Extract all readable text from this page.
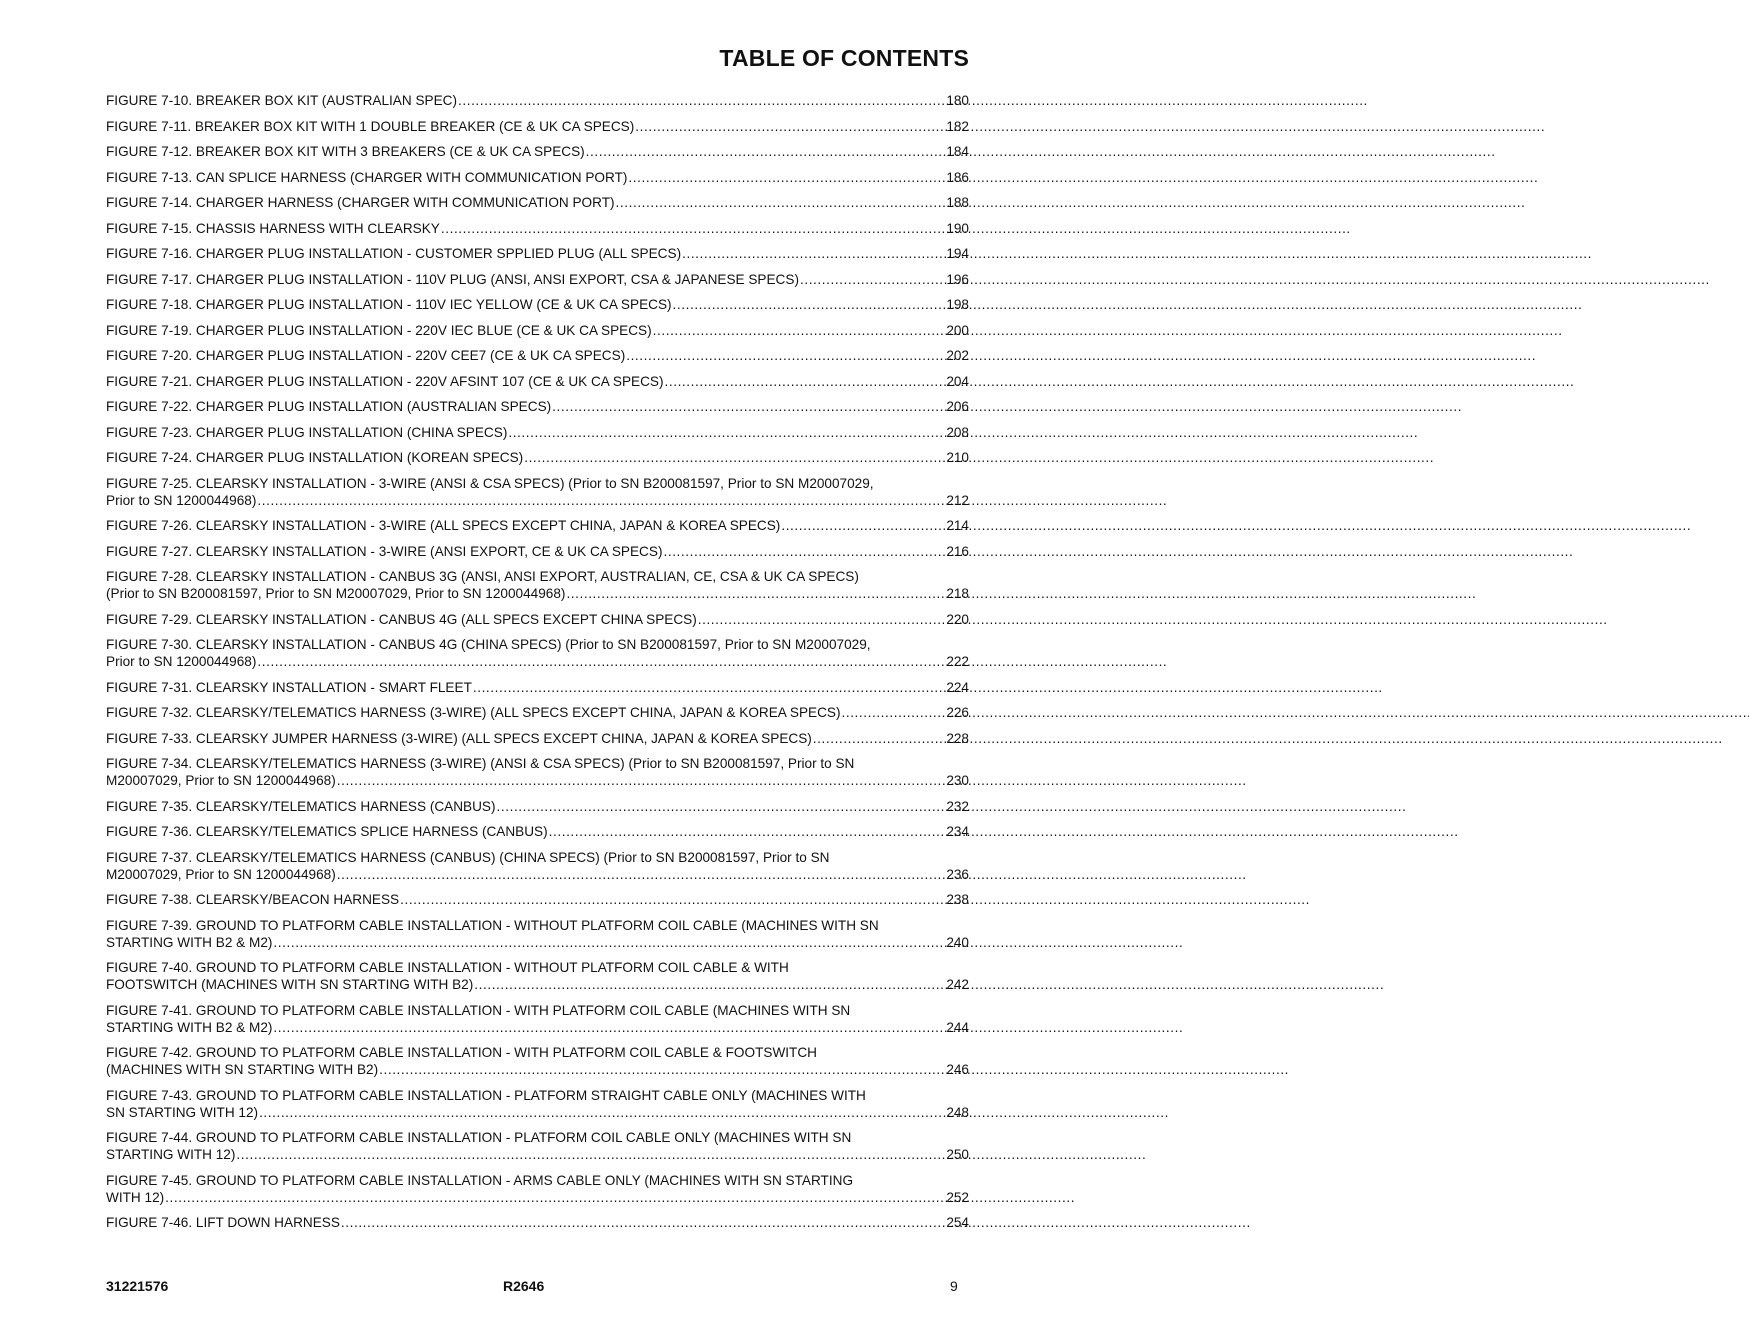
TABLE OF CONTENTS
FIGURE 7-10. BREAKER BOX KIT (AUSTRALIAN SPEC) . . .	180
FIGURE 7-11. BREAKER BOX KIT WITH 1 DOUBLE BREAKER (CE & UK CA SPECS) . . .	182
FIGURE 7-12. BREAKER BOX KIT WITH 3 BREAKERS (CE & UK CA SPECS) . . .	184
FIGURE 7-13. CAN SPLICE HARNESS (CHARGER WITH COMMUNICATION PORT) . . .	186
FIGURE 7-14. CHARGER HARNESS (CHARGER WITH COMMUNICATION PORT) . . .	188
FIGURE 7-15. CHASSIS HARNESS WITH CLEARSKY . . .	190
FIGURE 7-16. CHARGER PLUG INSTALLATION - CUSTOMER SPPLIED PLUG (ALL SPECS) . . .	194
FIGURE 7-17. CHARGER PLUG INSTALLATION - 110V PLUG (ANSI, ANSI EXPORT, CSA & JAPANESE SPECS) . . .	196
FIGURE 7-18. CHARGER PLUG INSTALLATION - 110V IEC YELLOW (CE & UK CA SPECS) . . .	198
FIGURE 7-19. CHARGER PLUG INSTALLATION - 220V IEC BLUE (CE & UK CA SPECS) . . .	200
FIGURE 7-20. CHARGER PLUG INSTALLATION - 220V CEE7 (CE & UK CA SPECS) . . .	202
FIGURE 7-21. CHARGER PLUG INSTALLATION - 220V AFSINT 107 (CE & UK CA SPECS) . . .	204
FIGURE 7-22. CHARGER PLUG INSTALLATION (AUSTRALIAN SPECS) . . .	206
FIGURE 7-23. CHARGER PLUG INSTALLATION (CHINA SPECS) . . .	208
FIGURE 7-24. CHARGER PLUG INSTALLATION (KOREAN SPECS) . . .	210
FIGURE 7-25. CLEARSKY INSTALLATION - 3-WIRE (ANSI & CSA SPECS) (Prior to SN B200081597, Prior to SN M20007029,
Prior to SN 1200044968) . . .	212
FIGURE 7-26. CLEARSKY INSTALLATION - 3-WIRE (ALL SPECS EXCEPT CHINA, JAPAN & KOREA SPECS) . . .	214
FIGURE 7-27. CLEARSKY INSTALLATION - 3-WIRE (ANSI EXPORT, CE & UK CA SPECS) . . .	216
FIGURE 7-28. CLEARSKY INSTALLATION - CANBUS 3G (ANSI, ANSI EXPORT, AUSTRALIAN, CE, CSA & UK CA SPECS)
(Prior to SN B200081597, Prior to SN M20007029, Prior to SN 1200044968) . . .	218
FIGURE 7-29. CLEARSKY INSTALLATION - CANBUS 4G (ALL SPECS EXCEPT CHINA SPECS) . . .	220
FIGURE 7-30. CLEARSKY INSTALLATION - CANBUS 4G (CHINA SPECS) (Prior to SN B200081597, Prior to SN M20007029,
Prior to SN 1200044968) . . .	222
FIGURE 7-31. CLEARSKY INSTALLATION - SMART FLEET . . .	224
FIGURE 7-32. CLEARSKY/TELEMATICS HARNESS (3-WIRE) (ALL SPECS EXCEPT CHINA, JAPAN & KOREA SPECS) . . .	226
FIGURE 7-33. CLEARSKY JUMPER HARNESS (3-WIRE) (ALL SPECS EXCEPT CHINA, JAPAN & KOREA SPECS) . . .	228
FIGURE 7-34. CLEARSKY/TELEMATICS HARNESS (3-WIRE) (ANSI & CSA SPECS) (Prior to SN B200081597, Prior to SN
M20007029, Prior to SN 1200044968) . . .	230
FIGURE 7-35. CLEARSKY/TELEMATICS HARNESS (CANBUS) . . .	232
FIGURE 7-36. CLEARSKY/TELEMATICS SPLICE HARNESS (CANBUS) . . .	234
FIGURE 7-37. CLEARSKY/TELEMATICS HARNESS (CANBUS) (CHINA SPECS) (Prior to SN B200081597, Prior to SN
M20007029, Prior to SN 1200044968) . . .	236
FIGURE 7-38. CLEARSKY/BEACON HARNESS . . .	238
FIGURE 7-39. GROUND TO PLATFORM CABLE INSTALLATION - WITHOUT PLATFORM COIL CABLE (MACHINES WITH SN
STARTING WITH B2 & M2) . . .	240
FIGURE 7-40. GROUND TO PLATFORM CABLE INSTALLATION - WITHOUT PLATFORM COIL CABLE & WITH
FOOTSWITCH (MACHINES WITH SN STARTING WITH B2) . . .	242
FIGURE 7-41. GROUND TO PLATFORM CABLE INSTALLATION - WITH PLATFORM COIL CABLE (MACHINES WITH SN
STARTING WITH B2 & M2) . . .	244
FIGURE 7-42. GROUND TO PLATFORM CABLE INSTALLATION - WITH PLATFORM COIL CABLE & FOOTSWITCH
(MACHINES WITH SN STARTING WITH B2) . . .	246
FIGURE 7-43. GROUND TO PLATFORM CABLE INSTALLATION - PLATFORM STRAIGHT CABLE ONLY (MACHINES WITH
SN STARTING WITH 12) . . .	248
FIGURE 7-44. GROUND TO PLATFORM CABLE INSTALLATION - PLATFORM COIL CABLE ONLY (MACHINES WITH SN
STARTING WITH 12) . . .	250
FIGURE 7-45. GROUND TO PLATFORM CABLE INSTALLATION - ARMS CABLE ONLY (MACHINES WITH SN STARTING
WITH 12) . . .	252
FIGURE 7-46. LIFT DOWN HARNESS . . .	254
31221576	R2646	9
